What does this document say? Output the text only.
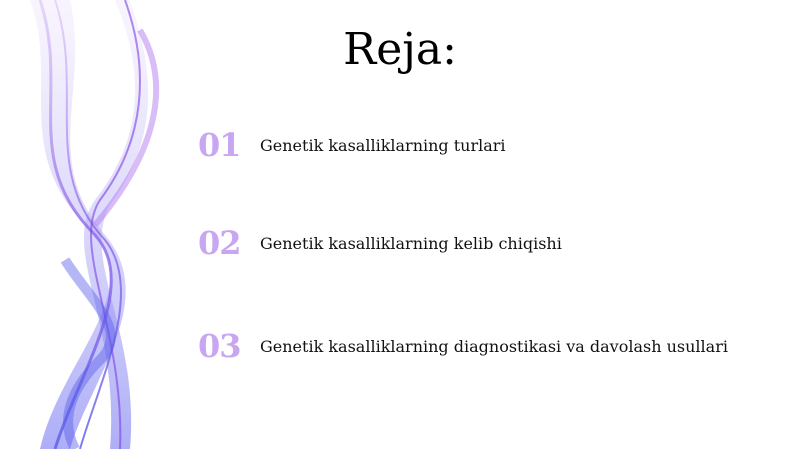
Reja:
01	Genetik kasalliklarning turlari
02	Genetik kasalliklarning kelib chiqishi
03	Genetik kasalliklarning diagnostikasi va davolash usullari
